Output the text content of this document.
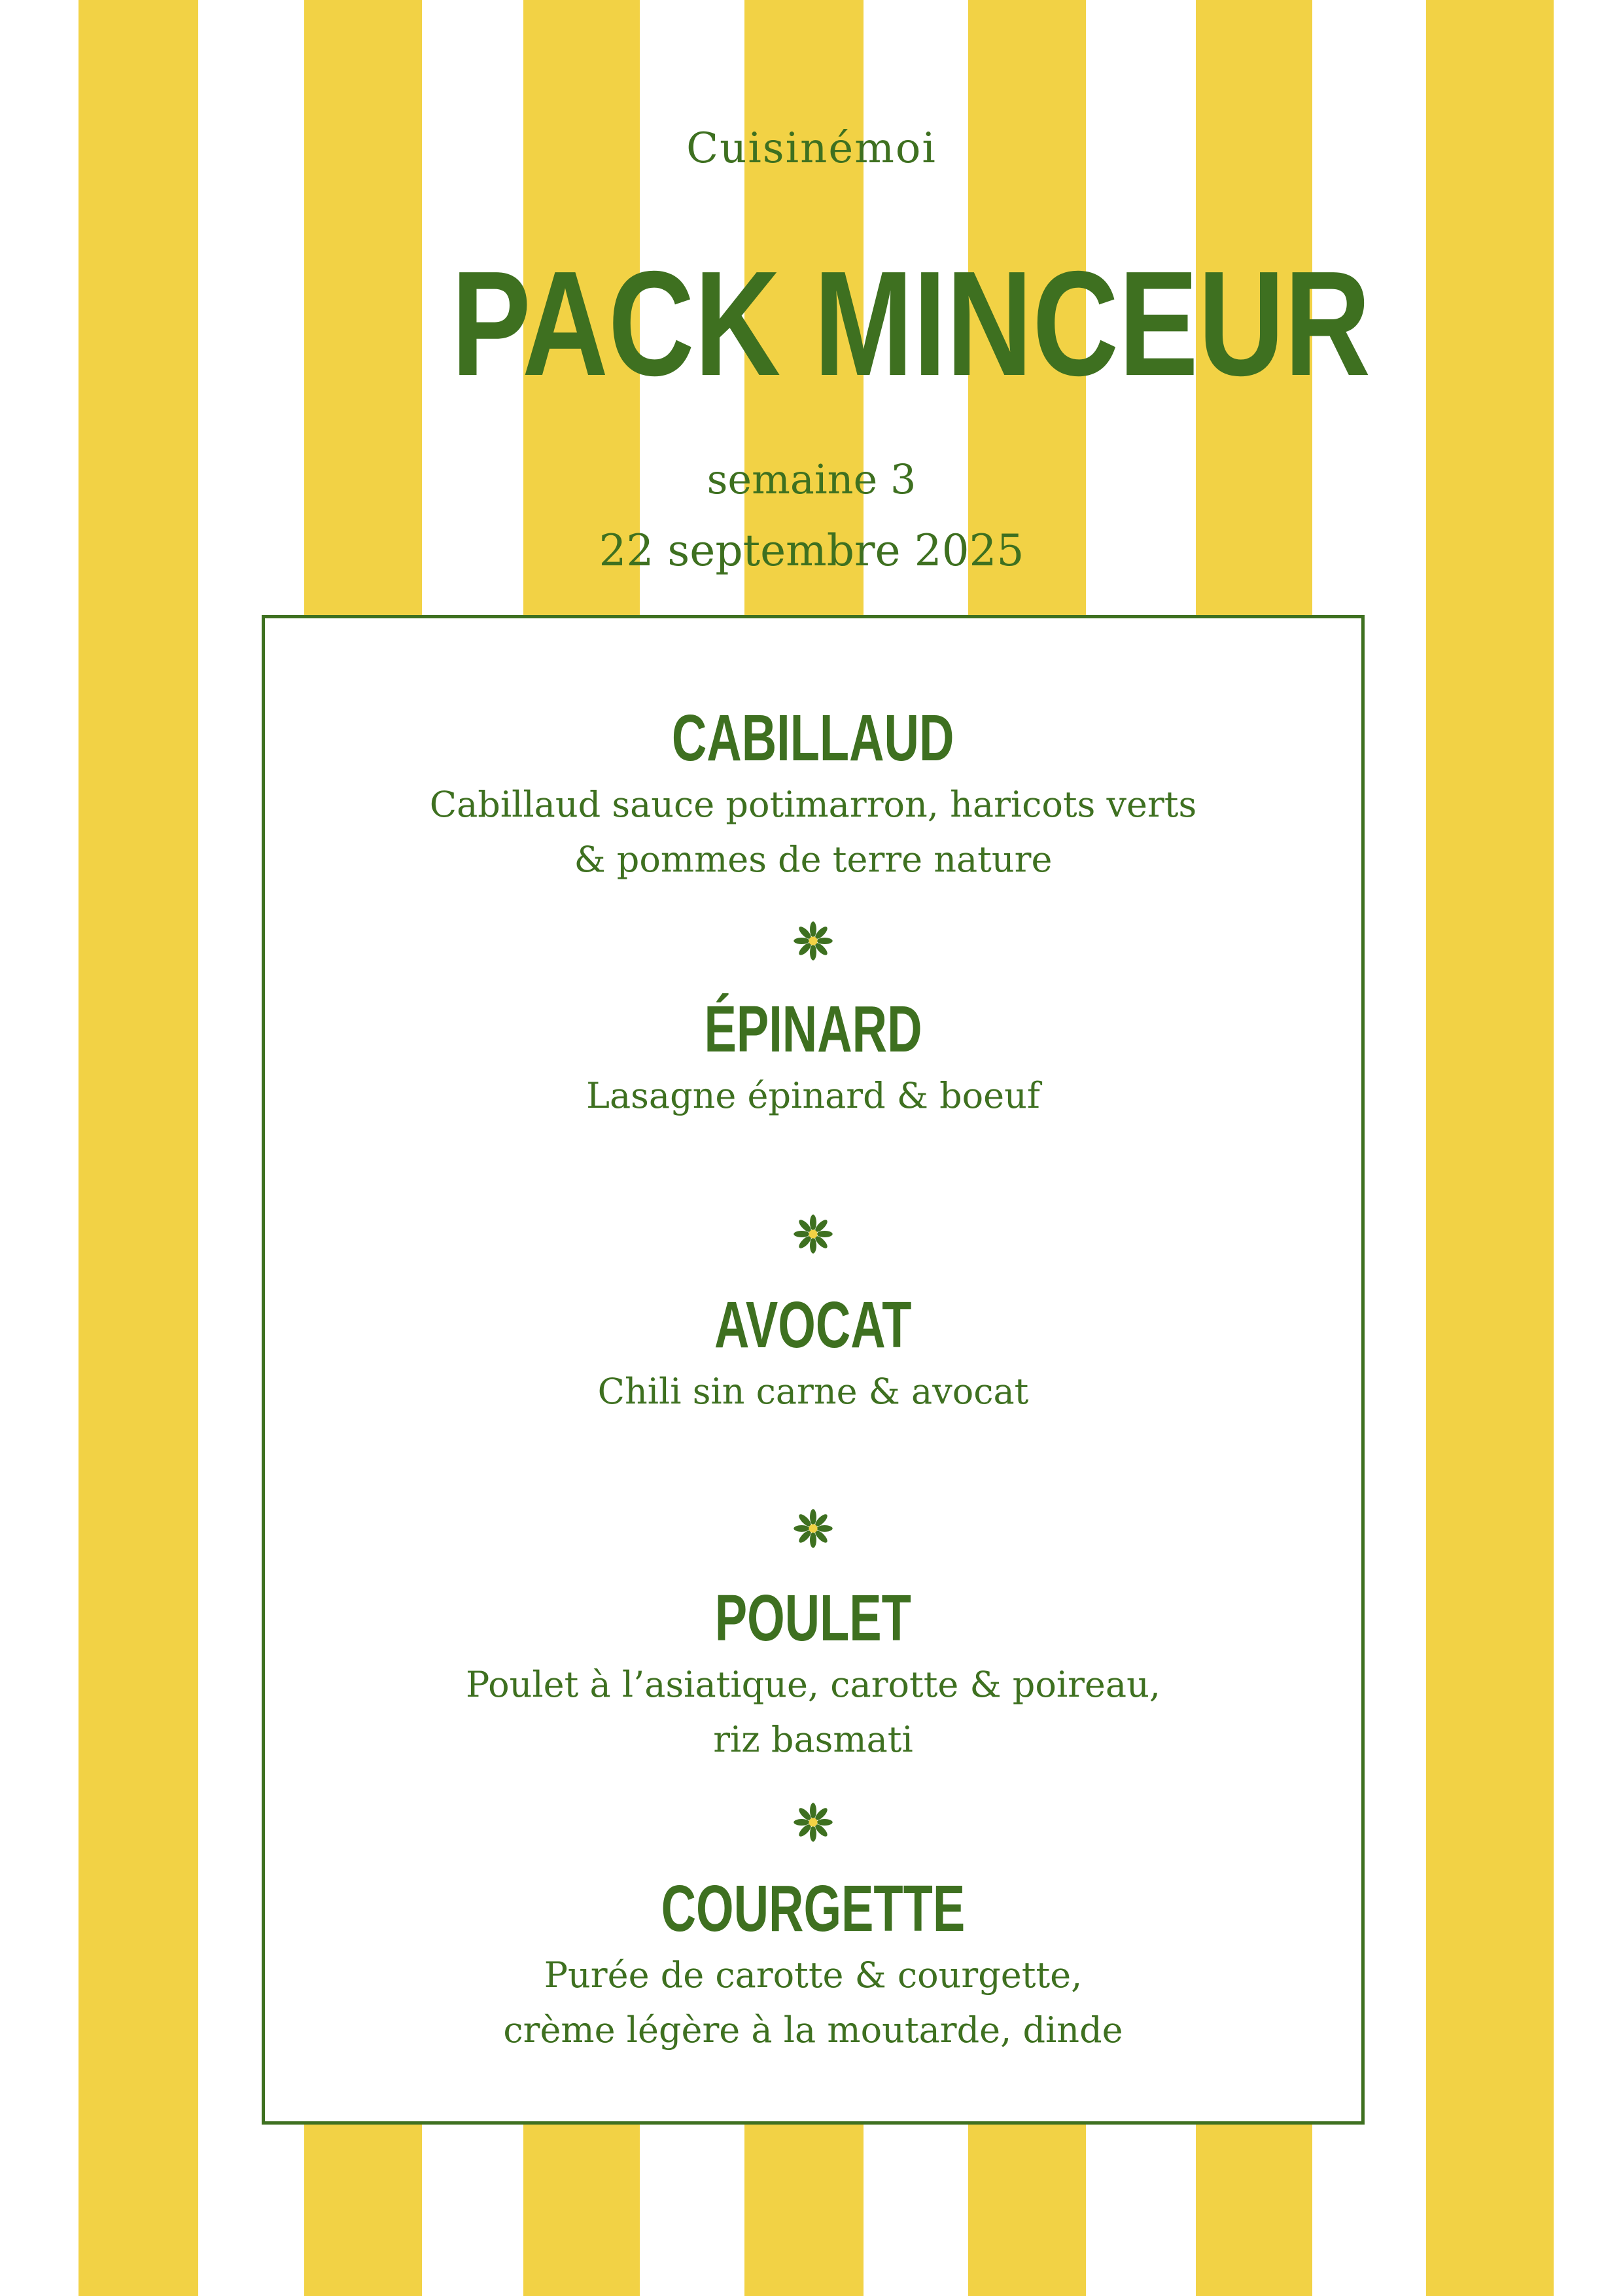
Cuisinémoi
PACK MINCEUR
semaine 3
22 septembre 2025
CABILLAUD
Cabillaud sauce potimarron, haricots verts
& pommes de terre nature
ÉPINARD
Lasagne épinard & boeuf
AVOCAT
Chili sin carne & avocat
POULET
Poulet à l’asiatique, carotte & poireau,
riz basmati
COURGETTE
Purée de carotte & courgette,
crème légère à la moutarde, dinde
